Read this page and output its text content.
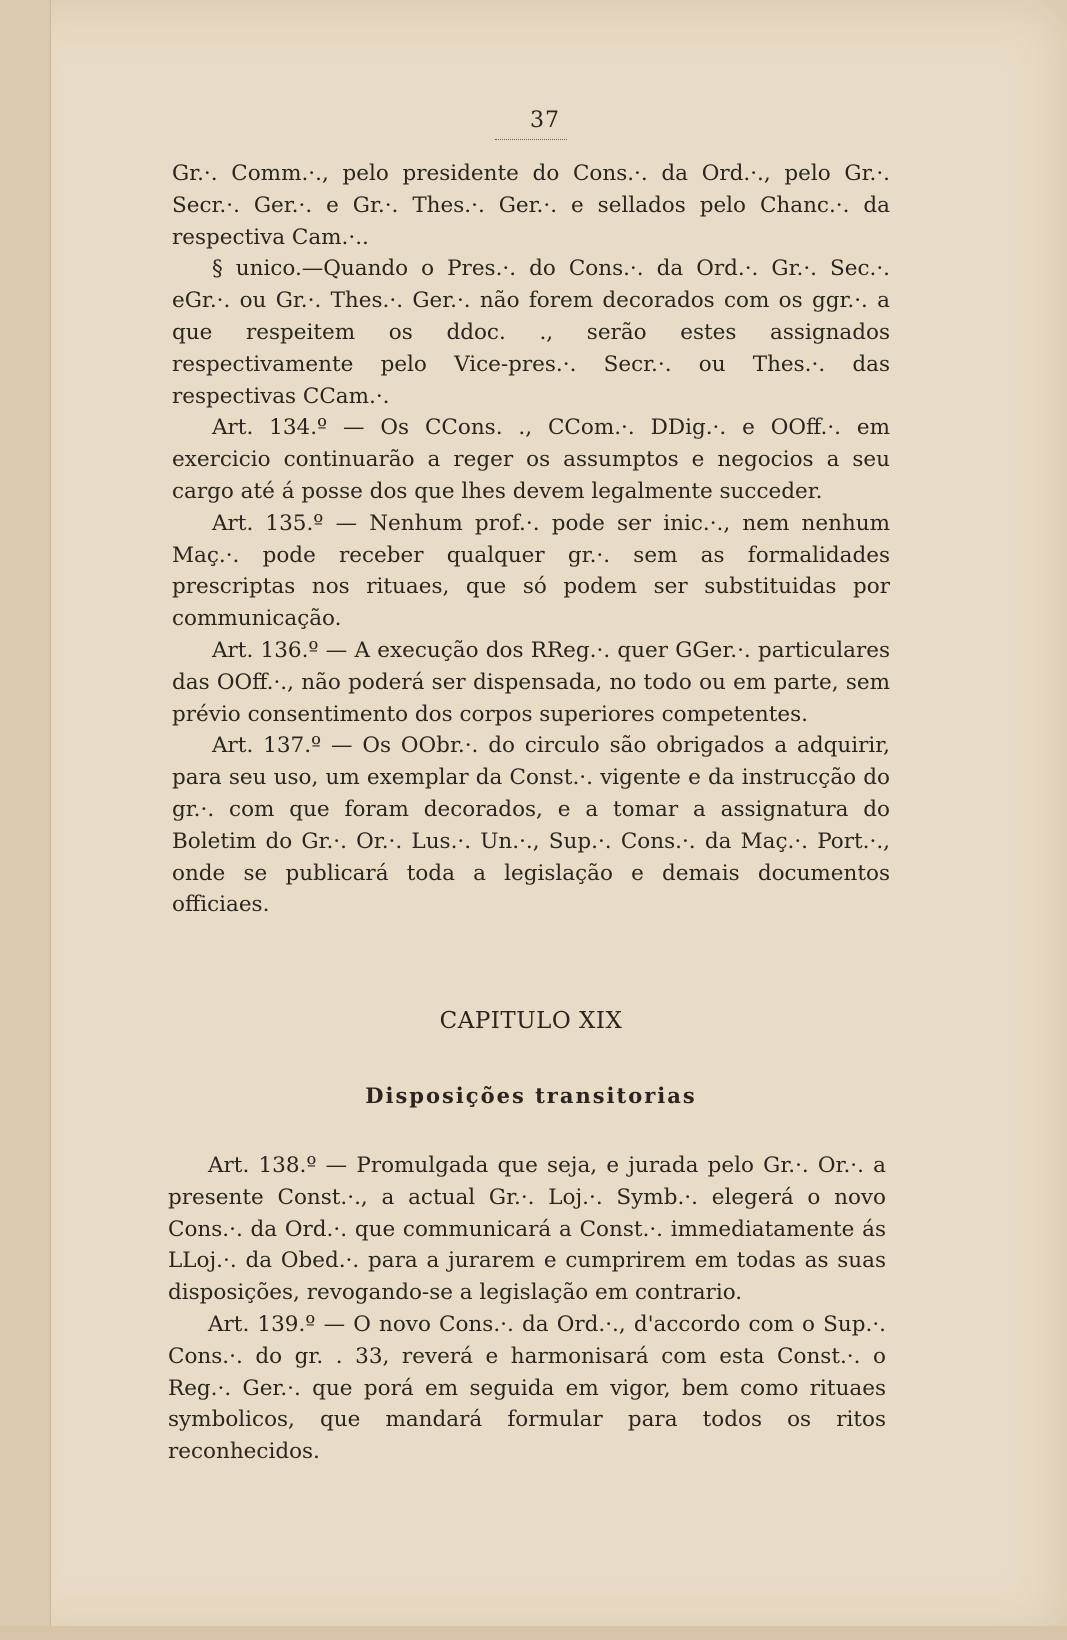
37

Gr.·. Comm.·., pelo presidente do Cons.·. da Ord.·., pelo Gr.·. Secr.·. Ger.·. e Gr.·. Thes.·. Ger.·. e sellados pelo Chanc.·. da respectiva Cam.·..

§ unico.—Quando o Pres.·. do Cons.·. da Ord.·. Gr.·. Sec.·. eGr.·. ou Gr.·. Thes.·. Ger.·. não forem decorados com os ggr.·. a que respeitem os ddoc. ., serão estes assignados respectivamente pelo Vice-pres.·. Secr.·. ou Thes.·. das respectivas CCam.·.

Art. 134.º — Os CCons. ., CCom.·. DDig.·. e OOff.·. em exercicio continuarão a reger os assumptos e negocios a seu cargo até á posse dos que lhes devem legalmente succeder.

Art. 135.º — Nenhum prof.·. pode ser inic.·., nem nenhum Maç.·. pode receber qualquer gr.·. sem as formalidades prescriptas nos rituaes, que só podem ser substituidas por communicação.

Art. 136.º — A execução dos RReg.·. quer GGer.·. particulares das OOff.·., não poderá ser dispensada, no todo ou em parte, sem prévio consentimento dos corpos superiores competentes.

Art. 137.º — Os OObr.·. do circulo são obrigados a adquirir, para seu uso, um exemplar da Const.·. vigente e da instrucção do gr.·. com que foram decorados, e a tomar a assignatura do Boletim do Gr.·. Or.·. Lus.·. Un.·., Sup.·. Cons.·. da Maç.·. Port.·., onde se publicará toda a legislação e demais documentos officiaes.

CAPITULO XIX
Disposições transitorias

Art. 138.º — Promulgada que seja, e jurada pelo Gr.·. Or.·. a presente Const.·., a actual Gr.·. Loj.·. Symb.·. elegerá o novo Cons.·. da Ord.·. que communicará a Const.·. immediatamente ás LLoj.·. da Obed.·. para a jurarem e cumprirem em todas as suas disposições, revogando-se a legislação em contrario.

Art. 139.º — O novo Cons.·. da Ord.·., d'accordo com o Sup.·. Cons.·. do gr. . 33, reverá e harmonisará com esta Const.·. o Reg.·. Ger.·. que porá em seguida em vigor, bem como rituaes symbolicos, que mandará formular para todos os ritos reconhecidos.
